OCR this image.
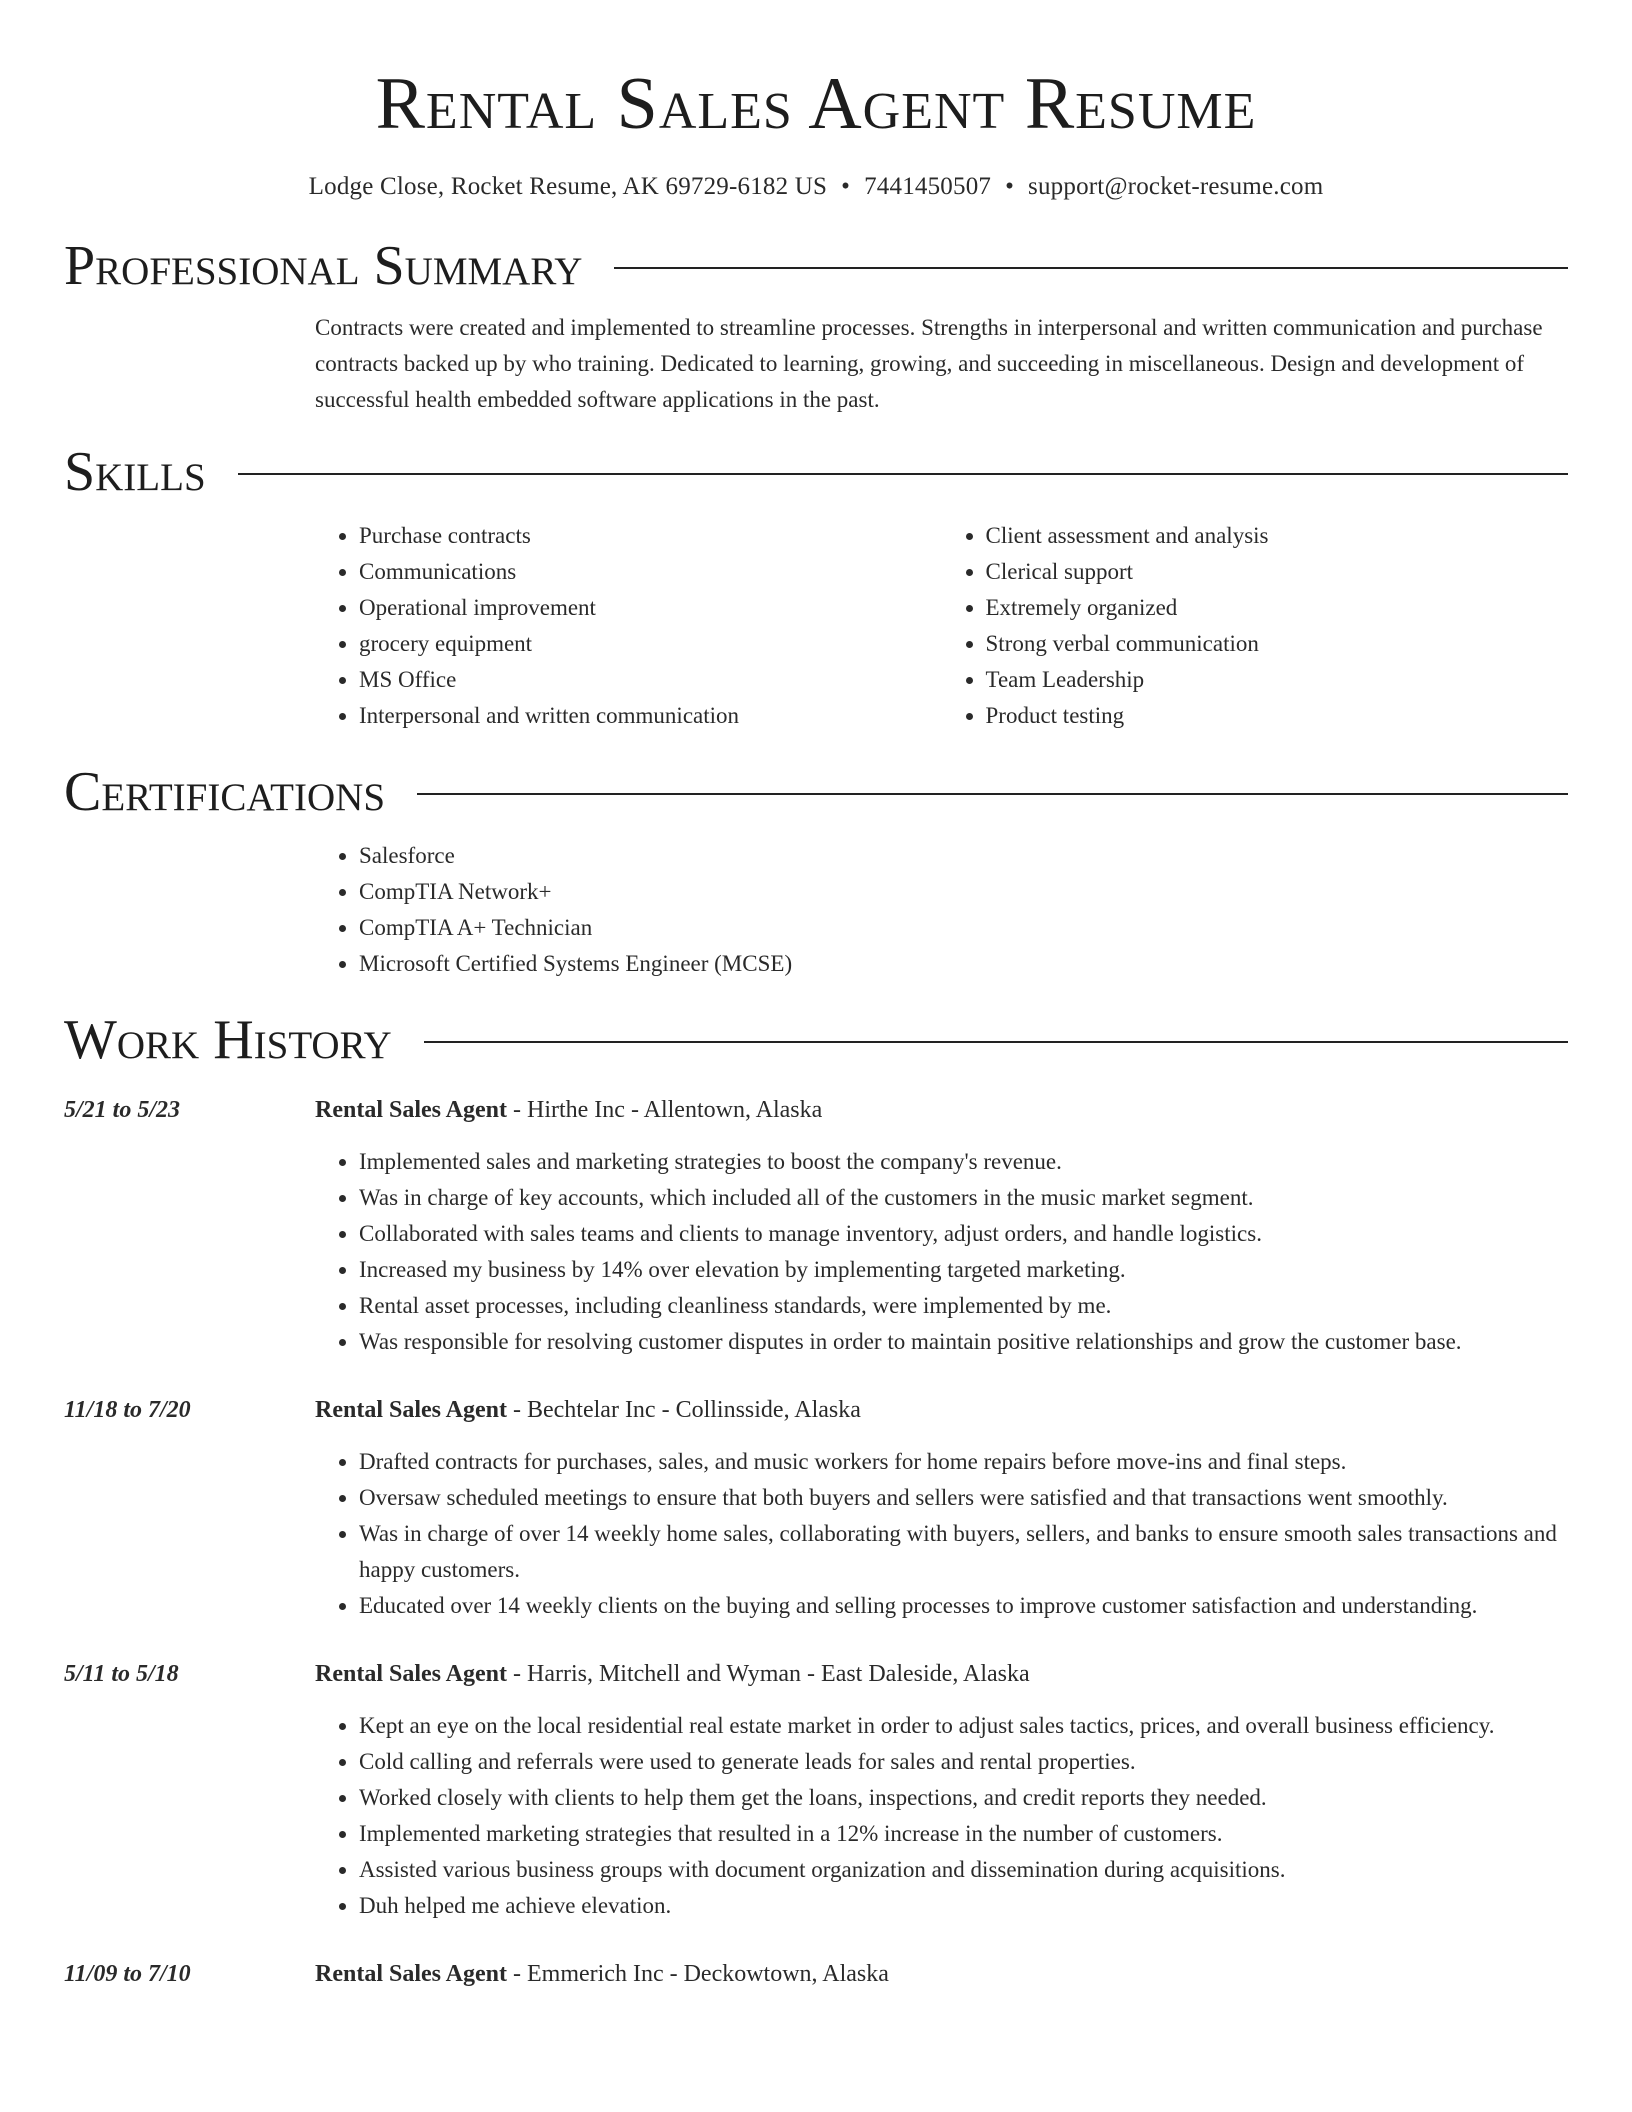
Rental Sales Agent Resume
Lodge Close, Rocket Resume, AK 69729-6182 US • 7441450507 • support@rocket-resume.com
Professional Summary
Contracts were created and implemented to streamline processes. Strengths in interpersonal and written communication and purchase contracts backed up by who training. Dedicated to learning, growing, and succeeding in miscellaneous. Design and development of successful health embedded software applications in the past.
Skills
• Purchase contracts
• Communications
• Operational improvement
• grocery equipment
• MS Office
• Interpersonal and written communication
• Client assessment and analysis
• Clerical support
• Extremely organized
• Strong verbal communication
• Team Leadership
• Product testing
Certifications
• Salesforce
• CompTIA Network+
• CompTIA A+ Technician
• Microsoft Certified Systems Engineer (MCSE)
Work History
5/21 to 5/23	Rental Sales Agent - Hirthe Inc - Allentown, Alaska
• Implemented sales and marketing strategies to boost the company's revenue.
• Was in charge of key accounts, which included all of the customers in the music market segment.
• Collaborated with sales teams and clients to manage inventory, adjust orders, and handle logistics.
• Increased my business by 14% over elevation by implementing targeted marketing.
• Rental asset processes, including cleanliness standards, were implemented by me.
• Was responsible for resolving customer disputes in order to maintain positive relationships and grow the customer base.
11/18 to 7/20	Rental Sales Agent - Bechtelar Inc - Collinsside, Alaska
• Drafted contracts for purchases, sales, and music workers for home repairs before move-ins and final steps.
• Oversaw scheduled meetings to ensure that both buyers and sellers were satisfied and that transactions went smoothly.
• Was in charge of over 14 weekly home sales, collaborating with buyers, sellers, and banks to ensure smooth sales transactions and happy customers.
• Educated over 14 weekly clients on the buying and selling processes to improve customer satisfaction and understanding.
5/11 to 5/18	Rental Sales Agent - Harris, Mitchell and Wyman - East Daleside, Alaska
• Kept an eye on the local residential real estate market in order to adjust sales tactics, prices, and overall business efficiency.
• Cold calling and referrals were used to generate leads for sales and rental properties.
• Worked closely with clients to help them get the loans, inspections, and credit reports they needed.
• Implemented marketing strategies that resulted in a 12% increase in the number of customers.
• Assisted various business groups with document organization and dissemination during acquisitions.
• Duh helped me achieve elevation.
11/09 to 7/10	Rental Sales Agent - Emmerich Inc - Deckowtown, Alaska
